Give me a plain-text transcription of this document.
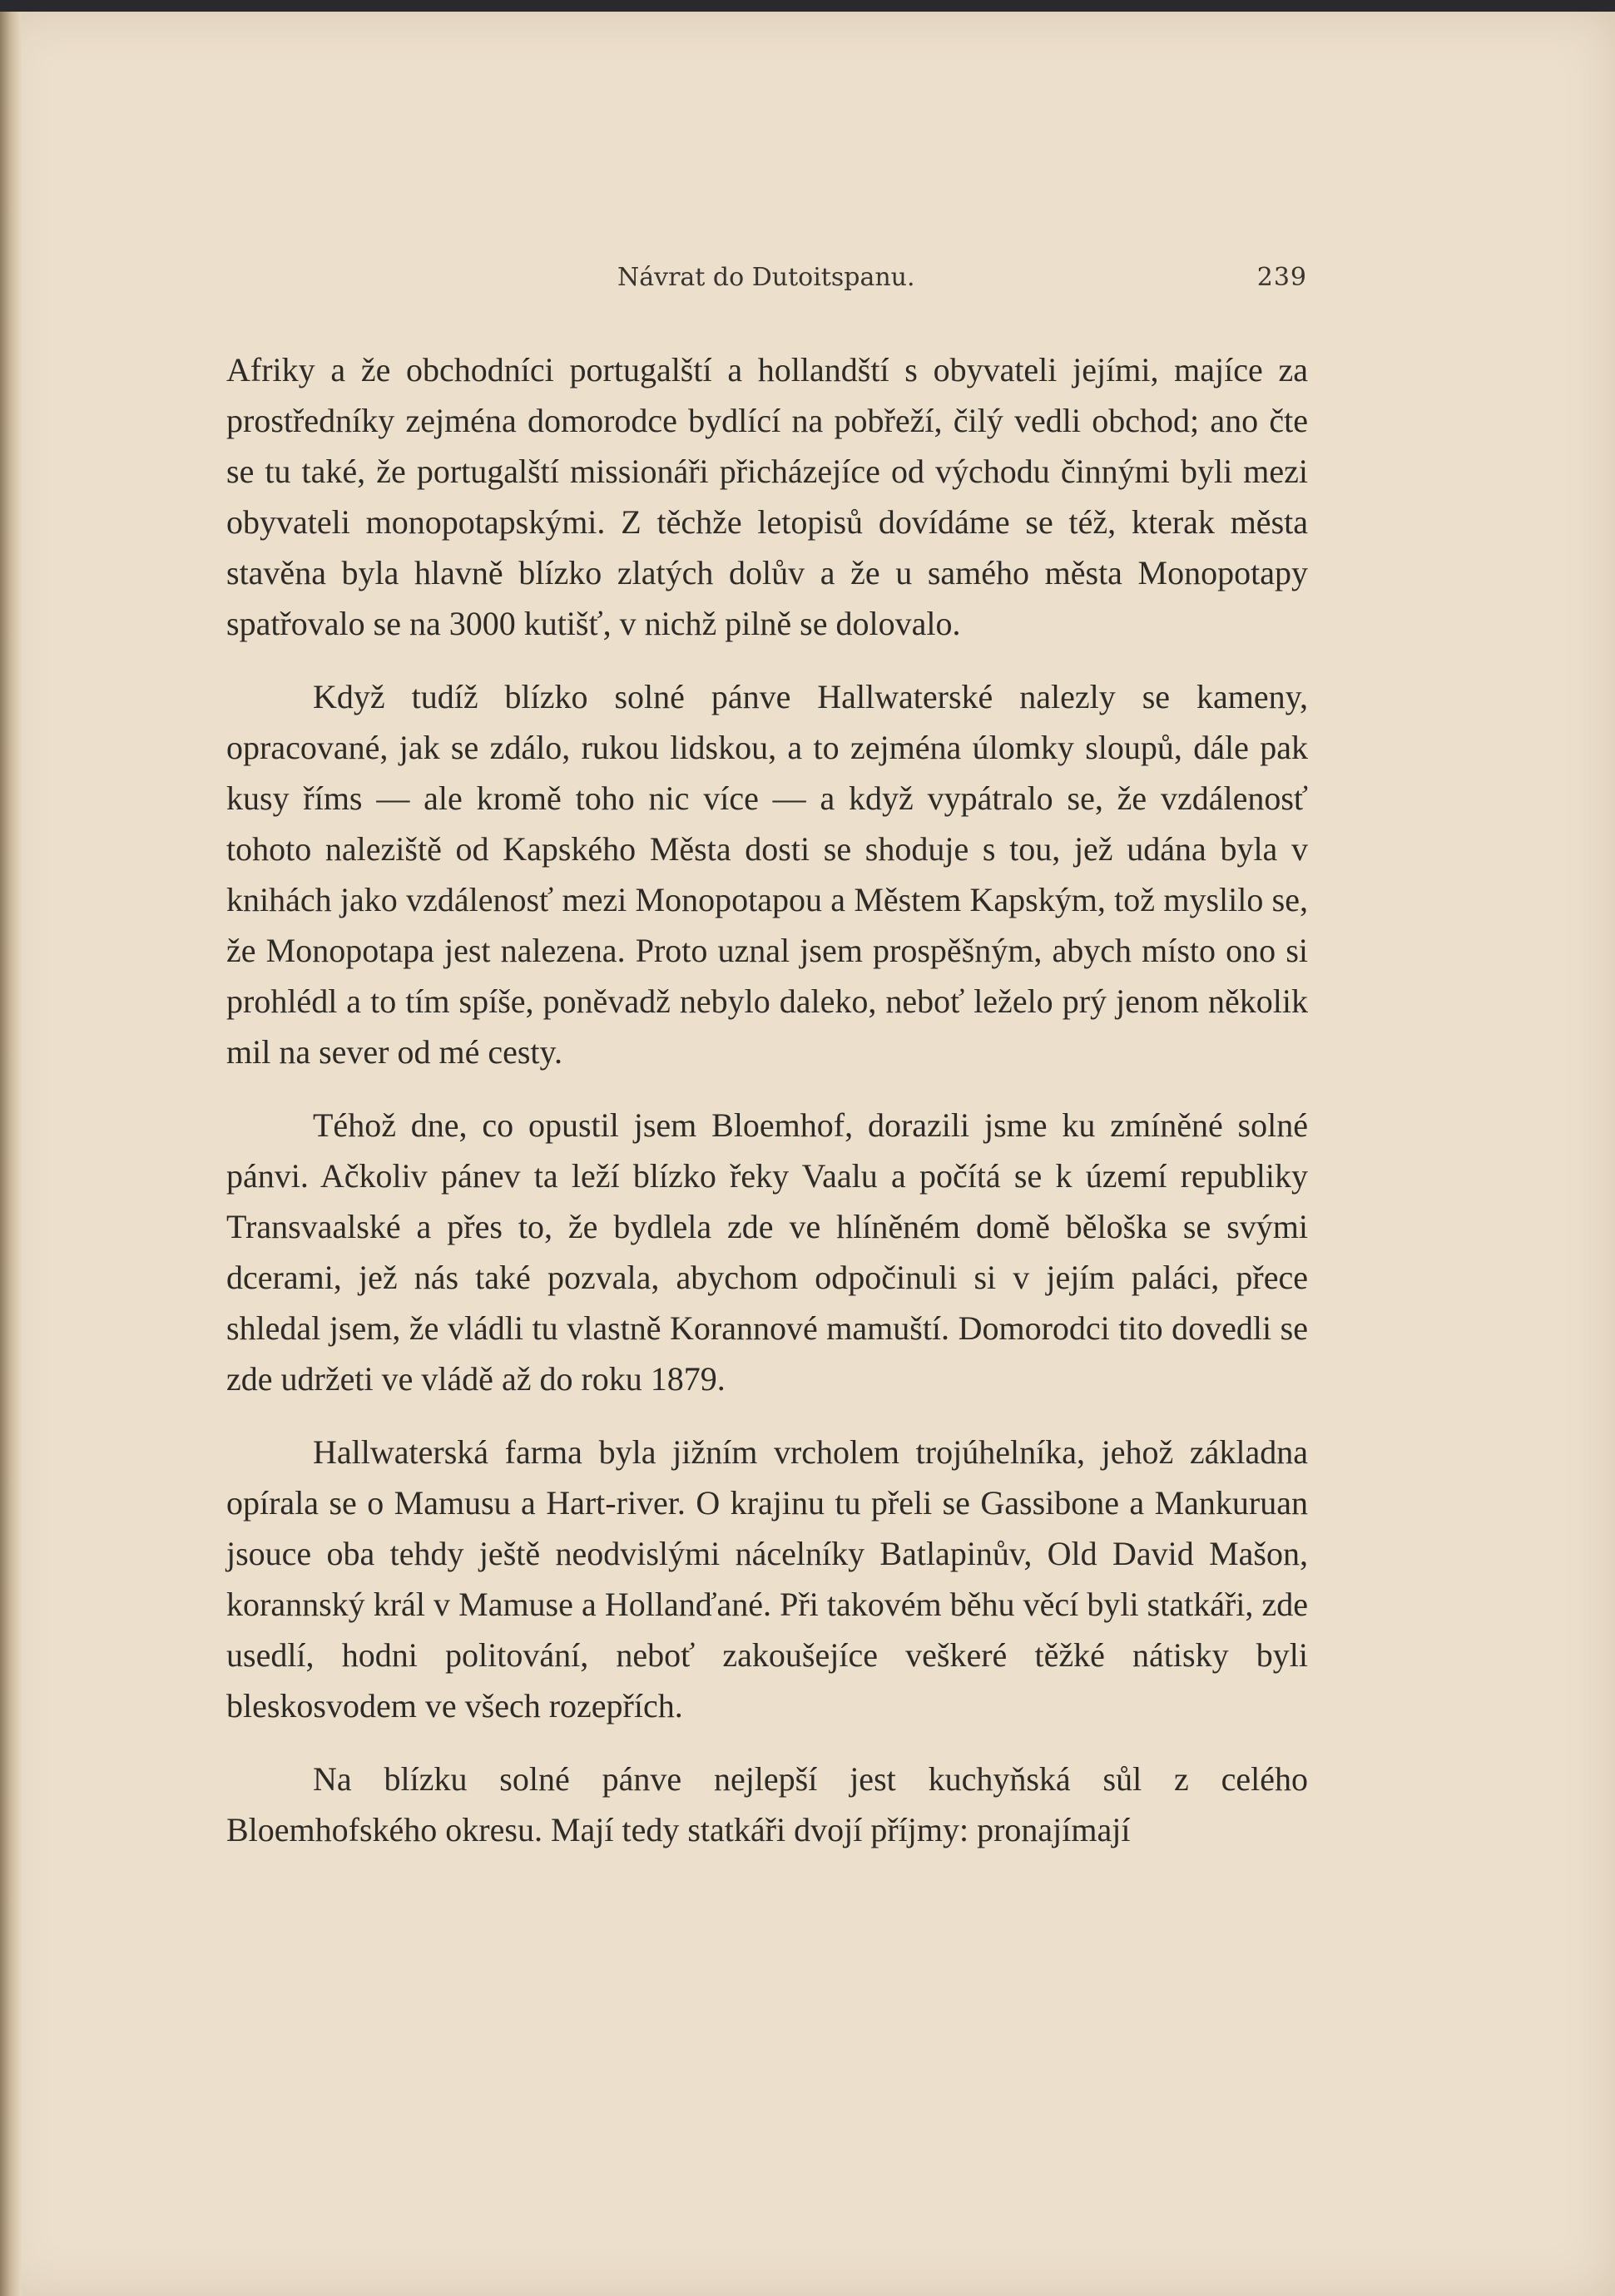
Návrat do Dutoitspanu.	239

Afriky a že obchodníci portugalští a hollandští s obyvateli jejími, majíce za prostředníky zejména domorodce bydlící na pobřeží, čilý vedli obchod; ano čte se tu také, že portugalští missionáři přicházejíce od východu činnými byli mezi obyvateli monopotapskými. Z těchže letopisů dovídáme se též, kterak města stavěna byla hlavně blízko zlatých dolův a že u samého města Monopotapy spatřovalo se na 3000 kutišť, v nichž pilně se dolovalo.

Když tudíž blízko solné pánve Hallwaterské nalezly se kameny, opracované, jak se zdálo, rukou lidskou, a to zejména úlomky sloupů, dále pak kusy říms — ale kromě toho nic více — a když vypátralo se, že vzdálenosť tohoto naleziště od Kapského Města dosti se shoduje s tou, jež udána byla v knihách jako vzdálenosť mezi Monopotapou a Městem Kapským, tož myslilo se, že Monopotapa jest nalezena. Proto uznal jsem prospěšným, abych místo ono si prohlédl a to tím spíše, poněvadž nebylo daleko, neboť leželo prý jenom několik mil na sever od mé cesty.

Téhož dne, co opustil jsem Bloemhof, dorazili jsme ku zmíněné solné pánvi. Ačkoliv pánev ta leží blízko řeky Vaalu a počítá se k území republiky Transvaalské a přes to, že bydlela zde ve hlíněném domě běloška se svými dcerami, jež nás také pozvala, abychom odpočinuli si v jejím paláci, přece shledal jsem, že vládli tu vlastně Korannové mamuští. Domorodci tito dovedli se zde udržeti ve vládě až do roku 1879.

Hallwaterská farma byla jižním vrcholem trojúhelníka, jehož základna opírala se o Mamusu a Hart-river. O krajinu tu přeli se Gassibone a Mankuruan jsouce oba tehdy ještě neodvislými nácelníky Batlapinův, Old David Mašon, korannský král v Mamuse a Hollanďané. Při takovém běhu věcí byli statkáři, zde usedlí, hodni politování, neboť zakoušejíce veškeré těžké nátisky byli bleskosvodem ve všech rozepřích.

Na blízku solné pánve nejlepší jest kuchyňská sůl z celého Bloemhofského okresu. Mají tedy statkáři dvojí příjmy: pronajímají
